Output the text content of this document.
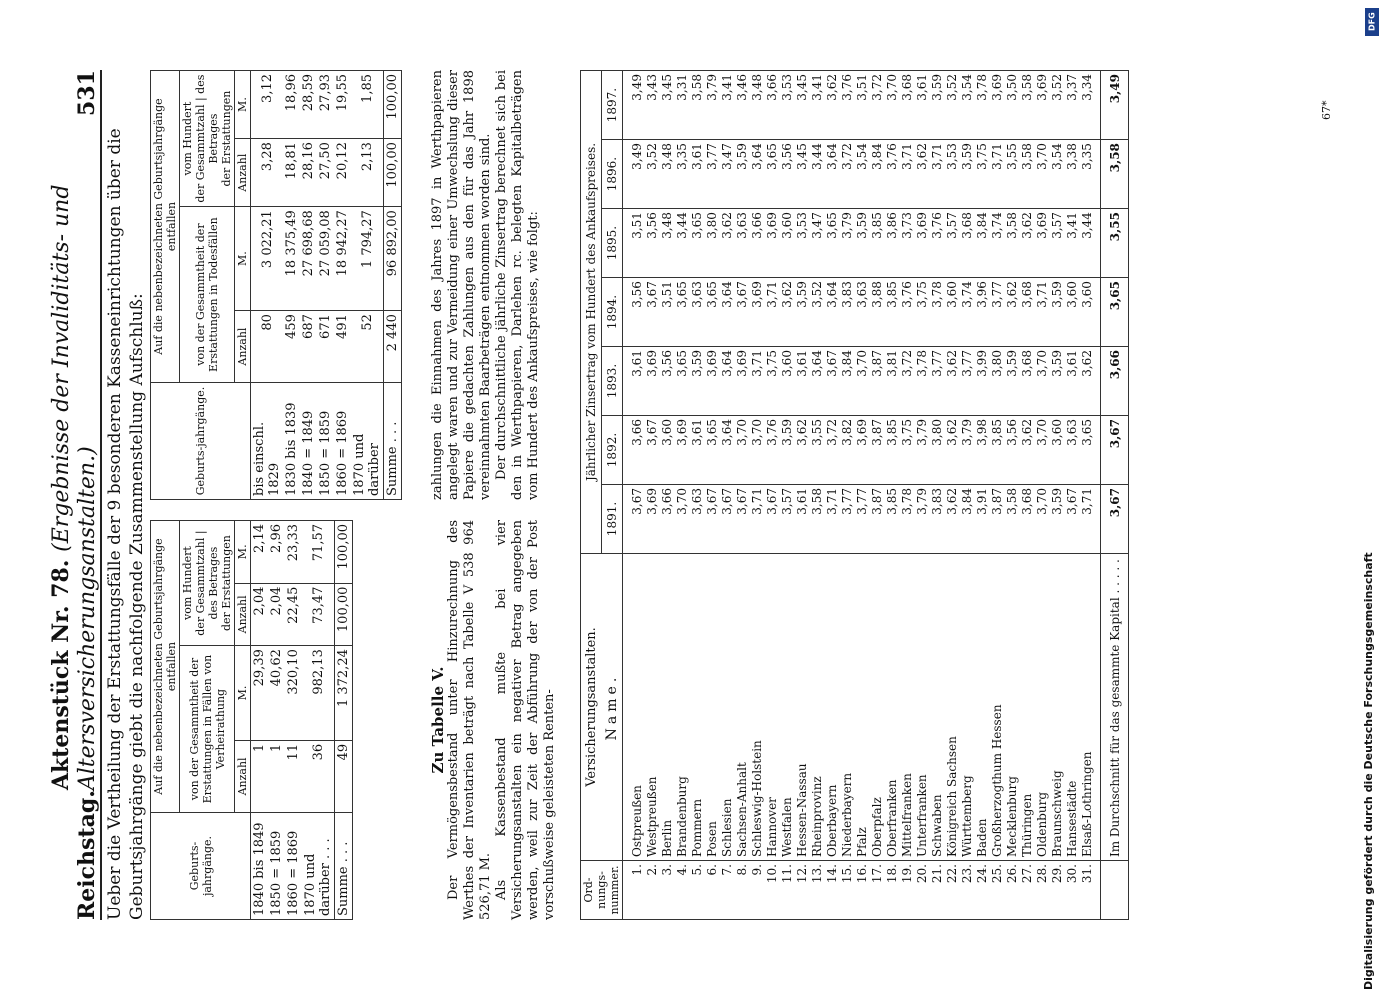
Reichstag.
Aktenstück Nr. 78. (Ergebnisse der Invaliditäts- und Altersversicherungsanstalten.)
531
Ueber die Vertheilung der Erstattungsfälle der 9 besonderen Kasseneinrichtungen über die Geburtsjahrgänge giebt die nachfolgende Zusammenstellung Aufschluß:	Geburts-jahrgänge.	Auf die nebenbezeichneten Geburtsjahrgänge entfallen			
	von der Gesammtheit der Erstattungen in Fällen von Verheirathung		vom Hundert
der Gesammtzahl | des Betrages
der Erstattungen	
	Anzahl	M.	Anzahl	M.
1840 bis 1849	1	29,39	2,04	2,14
1850 = 1859	1	40,62	2,04	2,96
1860 = 1869	11	320,10	22,45	23,33
1870 und darüber . . .	36	982,13	73,47	71,57
Summe . . .	49	1 372,24	100,00	100,00
Geburts-jahrgänge.	Auf die nebenbezeichneten Geburtsjahrgänge entfallen			
	von der Gesammtheit der Erstattungen in Todesfällen		vom Hundert
der Gesammtzahl | des Betrages
der Erstattungen	
	Anzahl	M.	Anzahl	M.
bis einschl. 1829	80	3 022,21	3,28	3,12
1830 bis 1839	459	18 375,49	18,81	18,96
1840 = 1849	687	27 698,68	28,16	28,59
1850 = 1859	671	27 059,08	27,50	27,93
1860 = 1869	491	18 942,27	20,12	19,55
1870 und darüber	52	1 794,27	2,13	1,85
Summe . . .	2 440	96 892,00	100,00	100,00
Zu Tabelle V. Der Vermögensbestand unter Hinzurechnung des Werthes der Inventarien beträgt nach Tabelle V 538 964 526,71 M. Als Kassenbestand mußte bei vier Versicherungsanstalten ein negativer Betrag angegeben werden, weil zur Zeit der Abführung der von der Post vorschußweise geleisteten Renten-
zahlungen die Einnahmen des Jahres 1897 in Werthpapieren angelegt waren und zur Vermeidung einer Umwechslung dieser Papiere die gedachten Zahlungen aus den für das Jahr 1898 vereinnahmten Baarbeträgen entnommen worden sind. Der durchschnittliche jährliche Zinsertrag berechnet sich bei den in Werthpapieren, Darlehen rc. belegten Kapitalbeträgen vom Hundert des Ankaufspreises, wie folgt:
Ord-nungs-nummer.	Versicherungsanstalten. Name.	Jährlicher Zinsertrag vom Hundert des Ankaufspreises.						
		1891.	1892.	1893.	1894.	1895.	1896.	1897.
1.	Ostpreußen	3,67	3,66	3,61	3,56	3,51	3,49	3,49
2.	Westpreußen	3,69	3,67	3,69	3,67	3,56	3,52	3,43
3.	Berlin	3,66	3,60	3,56	3,51	3,48	3,48	3,45
4.	Brandenburg	3,70	3,69	3,65	3,65	3,44	3,35	3,31
5.	Pommern	3,63	3,61	3,59	3,63	3,65	3,61	3,58
6.	Posen	3,67	3,65	3,69	3,65	3,80	3,77	3,79
7.	Schlesien	3,67	3,64	3,64	3,64	3,62	3,47	3,41
8.	Sachsen-Anhalt	3,67	3,70	3,69	3,67	3,63	3,59	3,46
9.	Schleswig-Holstein	3,71	3,70	3,71	3,69	3,66	3,64	3,48
10.	Hannover	3,67	3,76	3,75	3,71	3,69	3,65	3,66
11.	Westfalen	3,57	3,59	3,60	3,62	3,60	3,56	3,53
12.	Hessen-Nassau	3,61	3,62	3,61	3,59	3,53	3,45	3,45
13.	Rheinprovinz	3,58	3,55	3,64	3,52	3,47	3,44	3,41
14.	Oberbayern	3,71	3,72	3,67	3,64	3,65	3,64	3,62
15.	Niederbayern	3,77	3,82	3,84	3,83	3,79	3,72	3,76
16.	Pfalz	3,77	3,69	3,70	3,63	3,59	3,54	3,51
17.	Oberpfalz	3,87	3,87	3,87	3,88	3,85	3,84	3,72
18.	Oberfranken	3,85	3,85	3,81	3,85	3,86	3,76	3,70
19.	Mittelfranken	3,78	3,75	3,72	3,76	3,73	3,71	3,68
20.	Unterfranken	3,79	3,79	3,78	3,75	3,69	3,62	3,61
21.	Schwaben	3,83	3,80	3,77	3,78	3,76	3,71	3,59
22.	Königreich Sachsen	3,62	3,62	3,62	3,60	3,57	3,53	3,52
23.	Württemberg	3,84	3,79	3,77	3,74	3,68	3,59	3,54
24.	Baden	3,91	3,98	3,99	3,96	3,84	3,75	3,78
25.	Großherzogthum Hessen	3,87	3,85	3,80	3,77	3,74	3,71	3,69
26.	Mecklenburg	3,58	3,56	3,59	3,62	3,58	3,55	3,50
27.	Thüringen	3,68	3,62	3,68	3,68	3,62	3,58	3,58
28.	Oldenburg	3,70	3,70	3,70	3,71	3,69	3,70	3,69
29.	Braunschweig	3,59	3,60	3,59	3,59	3,57	3,54	3,52
30.	Hansestädte	3,67	3,63	3,61	3,60	3,41	3,38	3,37
31.	Elsaß-Lothringen	3,71	3,65	3,62	3,60	3,44	3,35	3,34
	Im Durchschnitt für das gesammte Kapital . . . . .	3,67	3,67	3,66	3,65	3,55	3,58	3,49
67*
Digitalisierung gefördert durch die Deutsche Forschungsgemeinschaft
DFG
